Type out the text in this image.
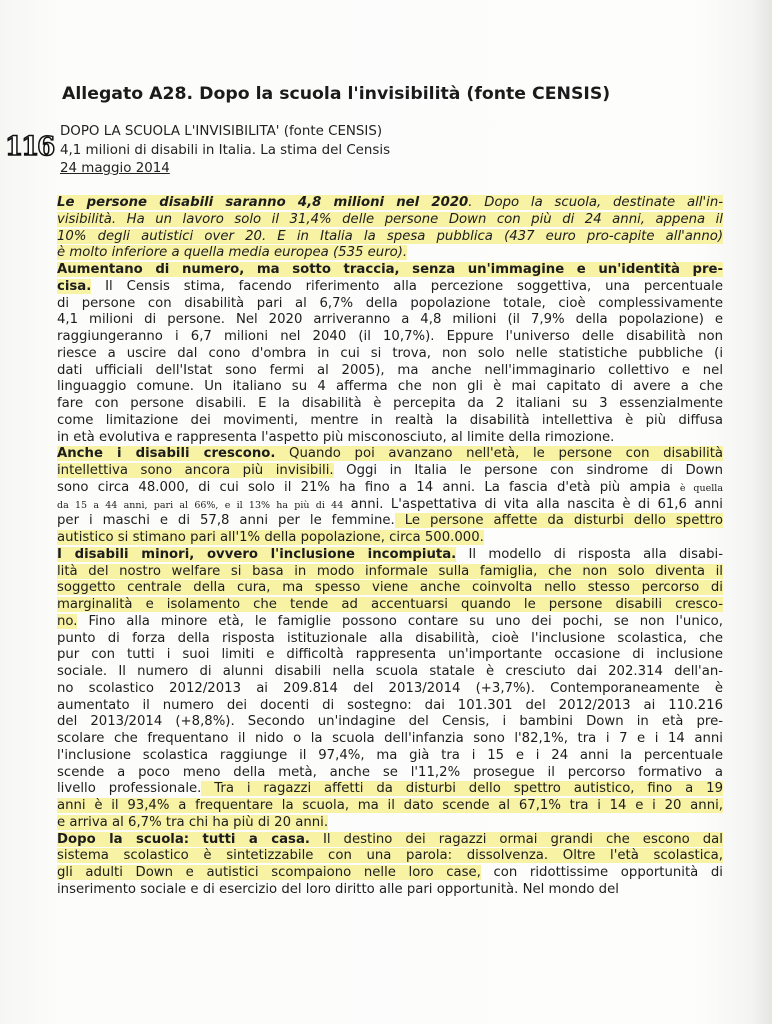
Allegato A28. Dopo la scuola l'invisibilità (fonte CENSIS)
116
DOPO LA SCUOLA L'INVISIBILITA' (fonte CENSIS)
4,1 milioni di disabili in Italia. La stima del Censis
24 maggio 2014
Le persone disabili saranno 4,8 milioni nel 2020. Dopo la scuola, destinate all'in-
visibilità. Ha un lavoro solo il 31,4% delle persone Down con più di 24 anni, appena il
10% degli autistici over 20. E in Italia la spesa pubblica (437 euro pro-capite all'anno)
è molto inferiore a quella media europea (535 euro).
Aumentano di numero, ma sotto traccia, senza un'immagine e un'identità pre-
cisa. Il Censis stima, facendo riferimento alla percezione soggettiva, una percentuale
di persone con disabilità pari al 6,7% della popolazione totale, cioè complessivamente
4,1 milioni di persone. Nel 2020 arriveranno a 4,8 milioni (il 7,9% della popolazione) e
raggiungeranno i 6,7 milioni nel 2040 (il 10,7%). Eppure l'universo delle disabilità non
riesce a uscire dal cono d'ombra in cui si trova, non solo nelle statistiche pubbliche (i
dati ufficiali dell'Istat sono fermi al 2005), ma anche nell'immaginario collettivo e nel
linguaggio comune. Un italiano su 4 afferma che non gli è mai capitato di avere a che
fare con persone disabili. E la disabilità è percepita da 2 italiani su 3 essenzialmente
come limitazione dei movimenti, mentre in realtà la disabilità intellettiva è più diffusa
in età evolutiva e rappresenta l'aspetto più misconosciuto, al limite della rimozione.
Anche i disabili crescono. Quando poi avanzano nell'età, le persone con disabilità
intellettiva sono ancora più invisibili. Oggi in Italia le persone con sindrome di Down
sono circa 48.000, di cui solo il 21% ha fino a 14 anni. La fascia d'età più ampia è quella
da 15 a 44 anni, pari al 66%, e il 13% ha più di 44 anni. L'aspettativa di vita alla nascita è di 61,6 anni
per i maschi e di 57,8 anni per le femmine. Le persone affette da disturbi dello spettro
autistico si stimano pari all'1% della popolazione, circa 500.000.
I disabili minori, ovvero l'inclusione incompiuta. Il modello di risposta alla disabi-
lità del nostro welfare si basa in modo informale sulla famiglia, che non solo diventa il
soggetto centrale della cura, ma spesso viene anche coinvolta nello stesso percorso di
marginalità e isolamento che tende ad accentuarsi quando le persone disabili cresco-
no. Fino alla minore età, le famiglie possono contare su uno dei pochi, se non l'unico,
punto di forza della risposta istituzionale alla disabilità, cioè l'inclusione scolastica, che
pur con tutti i suoi limiti e difficoltà rappresenta un'importante occasione di inclusione
sociale. Il numero di alunni disabili nella scuola statale è cresciuto dai 202.314 dell'an-
no scolastico 2012/2013 ai 209.814 del 2013/2014 (+3,7%). Contemporaneamente è
aumentato il numero dei docenti di sostegno: dai 101.301 del 2012/2013 ai 110.216
del 2013/2014 (+8,8%). Secondo un'indagine del Censis, i bambini Down in età pre-
scolare che frequentano il nido o la scuola dell'infanzia sono l'82,1%, tra i 7 e i 14 anni
l'inclusione scolastica raggiunge il 97,4%, ma già tra i 15 e i 24 anni la percentuale
scende a poco meno della metà, anche se l'11,2% prosegue il percorso formativo a
livello professionale. Tra i ragazzi affetti da disturbi dello spettro autistico, fino a 19
anni è il 93,4% a frequentare la scuola, ma il dato scende al 67,1% tra i 14 e i 20 anni,
e arriva al 6,7% tra chi ha più di 20 anni.
Dopo la scuola: tutti a casa. Il destino dei ragazzi ormai grandi che escono dal
sistema scolastico è sintetizzabile con una parola: dissolvenza. Oltre l'età scolastica,
gli adulti Down e autistici scompaiono nelle loro case, con ridottissime opportunità di
inserimento sociale e di esercizio del loro diritto alle pari opportunità. Nel mondo del
